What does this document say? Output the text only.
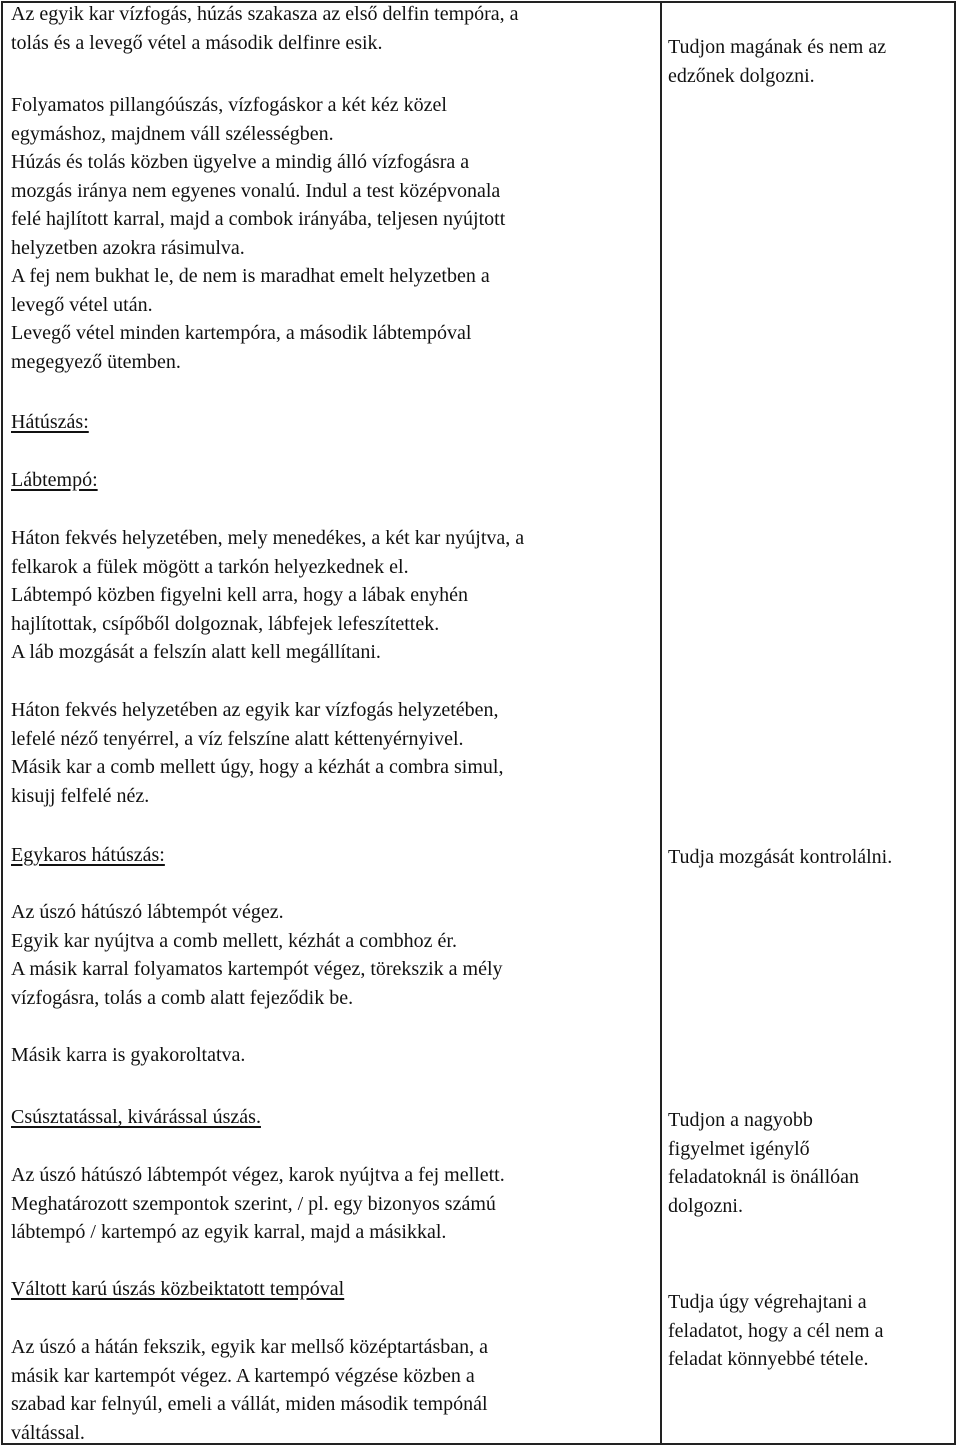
Az egyik kar vízfogás, húzás szakasza az első delfin tempóra, a
tolás és a levegő vétel a második delfinre esik.
Folyamatos pillangóúszás, vízfogáskor a két kéz közel
egymáshoz, majdnem váll szélességben.
Húzás és tolás közben ügyelve a mindig álló vízfogásra a
mozgás iránya nem egyenes vonalú. Indul a test középvonala
felé hajlított karral, majd a combok irányába, teljesen nyújtott
helyzetben azokra rásimulva.
A fej nem bukhat le, de nem is maradhat emelt helyzetben a
levegő vétel után.
Levegő vétel minden kartempóra, a második lábtempóval
megegyező ütemben.
Hátúszás:
Lábtempó:
Háton fekvés helyzetében, mely menedékes, a két kar nyújtva, a
felkarok a fülek mögött a tarkón helyezkednek el.
Lábtempó közben figyelni kell arra, hogy a lábak enyhén
hajlítottak, csípőből dolgoznak, lábfejek lefeszítettek.
A láb mozgását a felszín alatt kell megállítani.
Háton fekvés helyzetében az egyik kar vízfogás helyzetében,
lefelé néző tenyérrel, a víz felszíne alatt kéttenyérnyivel.
Másik kar a comb mellett úgy, hogy a kézhát a combra simul,
kisujj felfelé néz.
Egykaros hátúszás:
Az úszó hátúszó lábtempót végez.
Egyik kar nyújtva a comb mellett, kézhát a combhoz ér.
A másik karral folyamatos kartempót végez, törekszik a mély
vízfogásra, tolás a comb alatt fejeződik be.
Másik karra is gyakoroltatva.
Csúsztatással, kivárással úszás.
Az úszó hátúszó lábtempót végez, karok nyújtva a fej mellett.
Meghatározott szempontok szerint, / pl. egy bizonyos számú
lábtempó / kartempó az egyik karral, majd a másikkal.
Váltott karú úszás közbeiktatott tempóval
Az úszó a hátán fekszik, egyik kar mellső középtartásban, a
másik kar kartempót végez. A kartempó végzése közben a
szabad kar felnyúl, emeli a vállát, miden második tempónál
váltással.
Tudjon magának és nem az
edzőnek dolgozni.
Tudja mozgását kontrolálni.
Tudjon a nagyobb
figyelmet igénylő
feladatoknál is önállóan
dolgozni.
Tudja úgy végrehajtani a
feladatot, hogy a cél nem a
feladat könnyebbé tétele.
